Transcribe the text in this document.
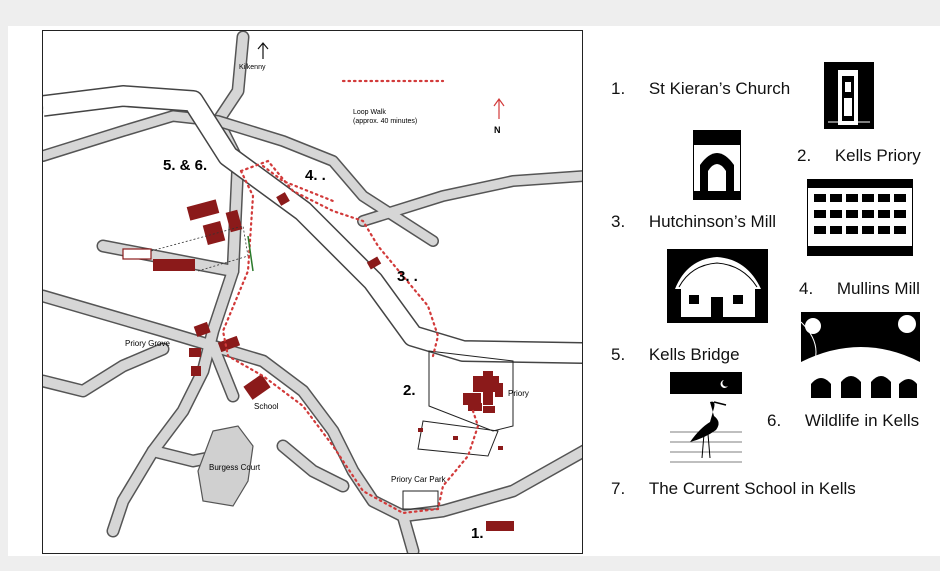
Kilkenny
Loop Walk
(approx. 40 minutes)
N
Priory Grove
School
Priory
Burgess Court
Priory Car Park
1.
2.
3. .
4. .
5. & 6.
1. St Kieran’s Church
2. Kells Priory
3. Hutchinson’s Mill
4. Mullins Mill
5. Kells Bridge
6. Wildlife in Kells
7. The Current School in Kells
